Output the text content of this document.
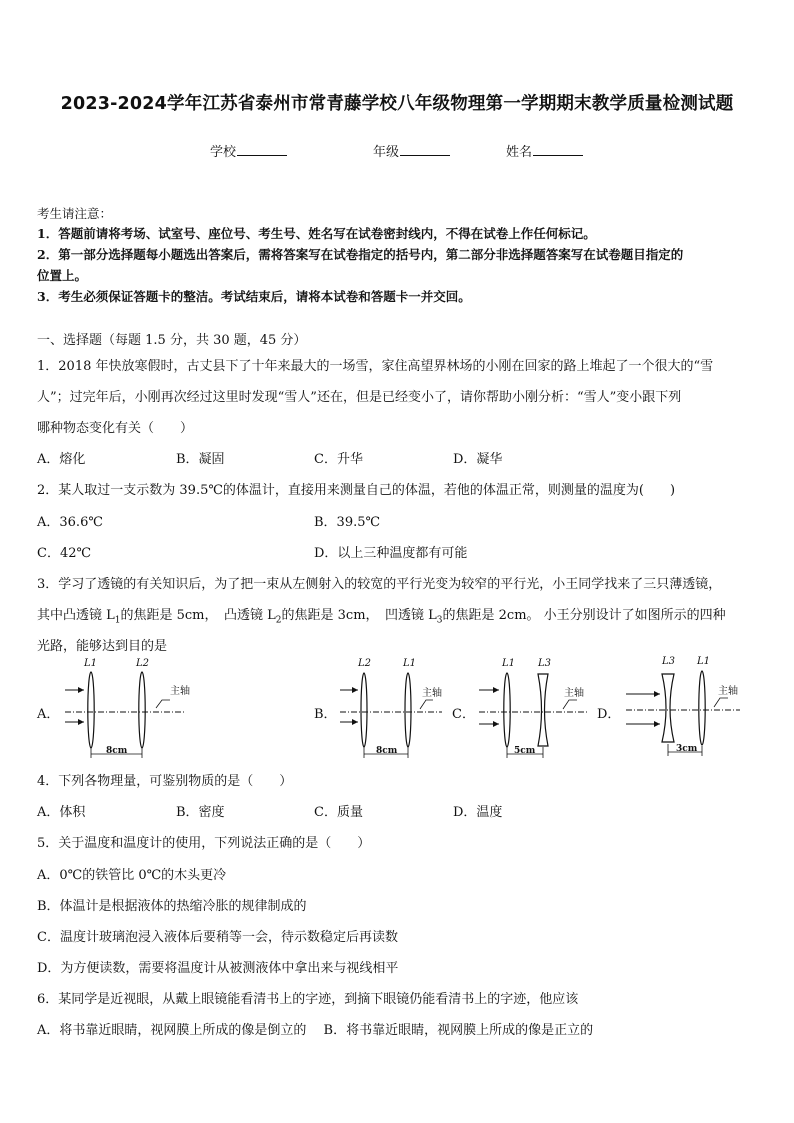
2023-2024学年江苏省泰州市常青藤学校八年级物理第一学期期末教学质量检测试题
学校	年级	姓名
考生请注意：
1．答题前请将考场、试室号、座位号、考生号、姓名写在试卷密封线内，不得在试卷上作任何标记。
2．第一部分选择题每小题选出答案后，需将答案写在试卷指定的括号内，第二部分非选择题答案写在试卷题目指定的
位置上。
3．考生必须保证答题卡的整洁。考试结束后，请将本试卷和答题卡一并交回。
一、选择题（每题 1.5 分，共 30 题，45 分）
1．2018 年快放寒假时，古丈县下了十年来最大的一场雪，家住高望界林场的小刚在回家的路上堆起了一个很大的“雪
人”；过完年后，小刚再次经过这里时发现“雪人”还在，但是已经变小了，请你帮助小刚分析：“雪人”变小跟下列
哪种物态变化有关（　　）
A．熔化	B．凝固	C．升华	D．凝华
2．某人取过一支示数为 39.5℃的体温计，直接用来测量自己的体温，若他的体温正常，则测量的温度为(　　)
A．36.6℃	B．39.5℃
C．42℃	D．以上三种温度都有可能
3．学习了透镜的有关知识后，为了把一束从左侧射入的较宽的平行光变为较窄的平行光，小王同学找来了三只薄透镜，
其中凸透镜 $L_1$的焦距是 5cm，　凸透镜 $L_2$的焦距是 3cm，　凹透镜 $L_3$的焦距是 2cm。 小王分别设计了如图所示的四种
光路，能够达到目的是
A．	B．	C．	D．
L1	L2
主轴
8cm
L2	L1
主轴
8cm
L1 L3
主轴
5cm
L3 L1
主轴
3cm
4．下列各物理量，可鉴别物质的是（　　）
A．体积	B．密度	C．质量	D．温度
5．关于温度和温度计的使用，下列说法正确的是（　　）
A．0℃的铁管比 0℃的木头更冷
B．体温计是根据液体的热缩冷胀的规律制成的
C．温度计玻璃泡浸入液体后要稍等一会，待示数稳定后再读数
D．为方便读数，需要将温度计从被测液体中拿出来与视线相平
6．某同学是近视眼，从戴上眼镜能看清书上的字迹，到摘下眼镜仍能看清书上的字迹，他应该
A．将书靠近眼睛，视网膜上所成的像是倒立的　 B．将书靠近眼睛，视网膜上所成的像是正立的
